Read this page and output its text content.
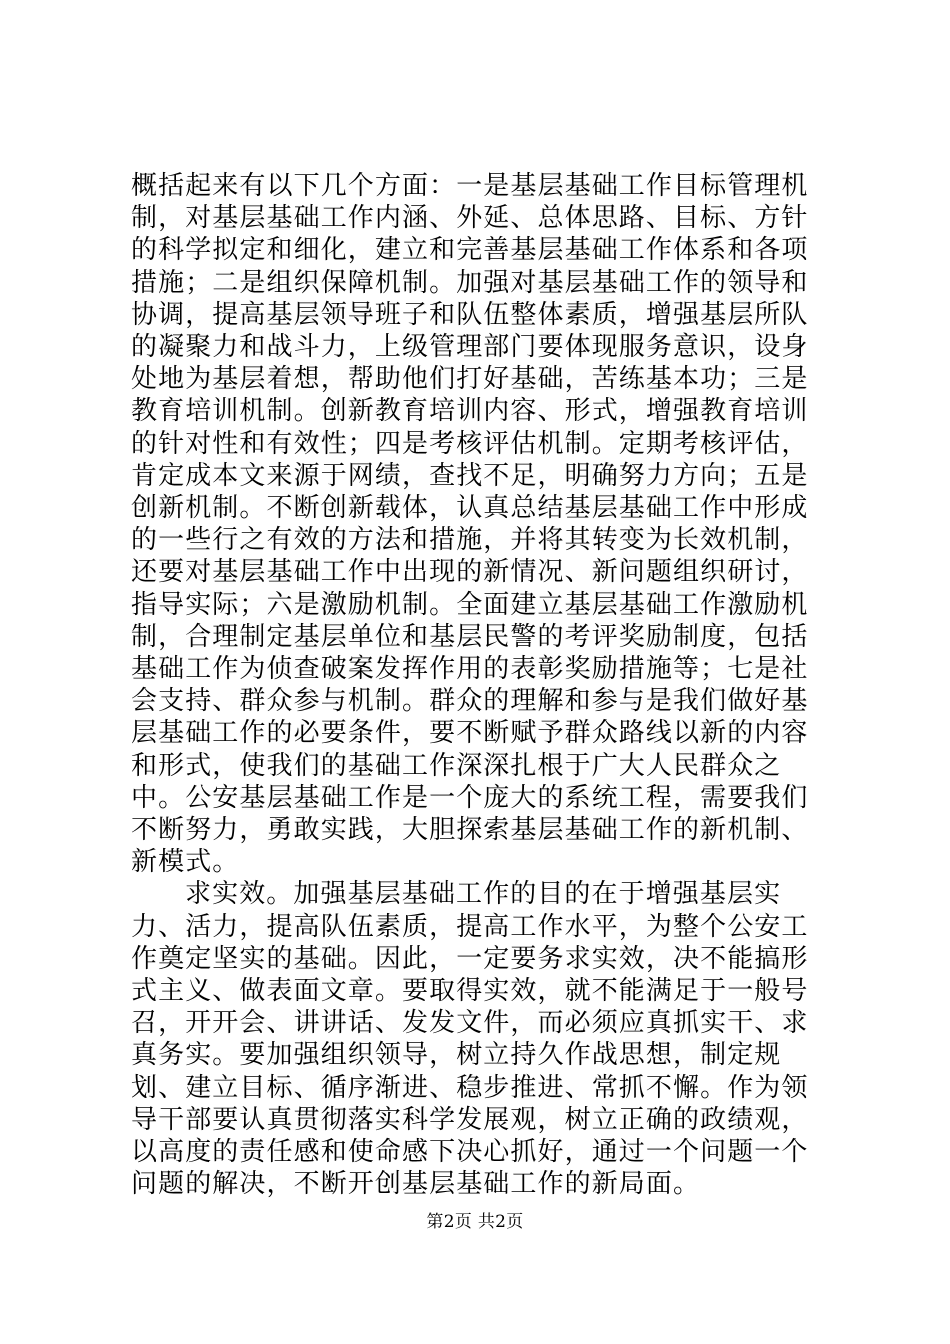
概括起来有以下几个方面：一是基层基础工作目标管理机制，对基层基础工作内涵、外延、总体思路、目标、方针的科学拟定和细化，建立和完善基层基础工作体系和各项措施；二是组织保障机制。加强对基层基础工作的领导和协调，提高基层领导班子和队伍整体素质，增强基层所队的凝聚力和战斗力，上级管理部门要体现服务意识，设身处地为基层着想，帮助他们打好基础，苦练基本功；三是教育培训机制。创新教育培训内容、形式，增强教育培训的针对性和有效性；四是考核评估机制。定期考核评估，肯定成本文来源于网绩，查找不足，明确努力方向；五是创新机制。不断创新载体，认真总结基层基础工作中形成的一些行之有效的方法和措施，并将其转变为长效机制，还要对基层基础工作中出现的新情况、新问题组织研讨，指导实际；六是激励机制。全面建立基层基础工作激励机制，合理制定基层单位和基层民警的考评奖励制度，包括基础工作为侦查破案发挥作用的表彰奖励措施等；七是社会支持、群众参与机制。群众的理解和参与是我们做好基层基础工作的必要条件，要不断赋予群众路线以新的内容和形式，使我们的基础工作深深扎根于广大人民群众之中。公安基层基础工作是一个庞大的系统工程，需要我们不断努力，勇敢实践，大胆探索基层基础工作的新机制、新模式。

求实效。加强基层基础工作的目的在于增强基层实力、活力，提高队伍素质，提高工作水平，为整个公安工作奠定坚实的基础。因此，一定要务求实效，决不能搞形式主义、做表面文章。要取得实效，就不能满足于一般号召，开开会、讲讲话、发发文件，而必须应真抓实干、求真务实。要加强组织领导，树立持久作战思想，制定规划、建立目标、循序渐进、稳步推进、常抓不懈。作为领导干部要认真贯彻落实科学发展观，树立正确的政绩观，以高度的责任感和使命感下决心抓好，通过一个问题一个问题的解决，不断开创基层基础工作的新局面。

第2页 共2页
